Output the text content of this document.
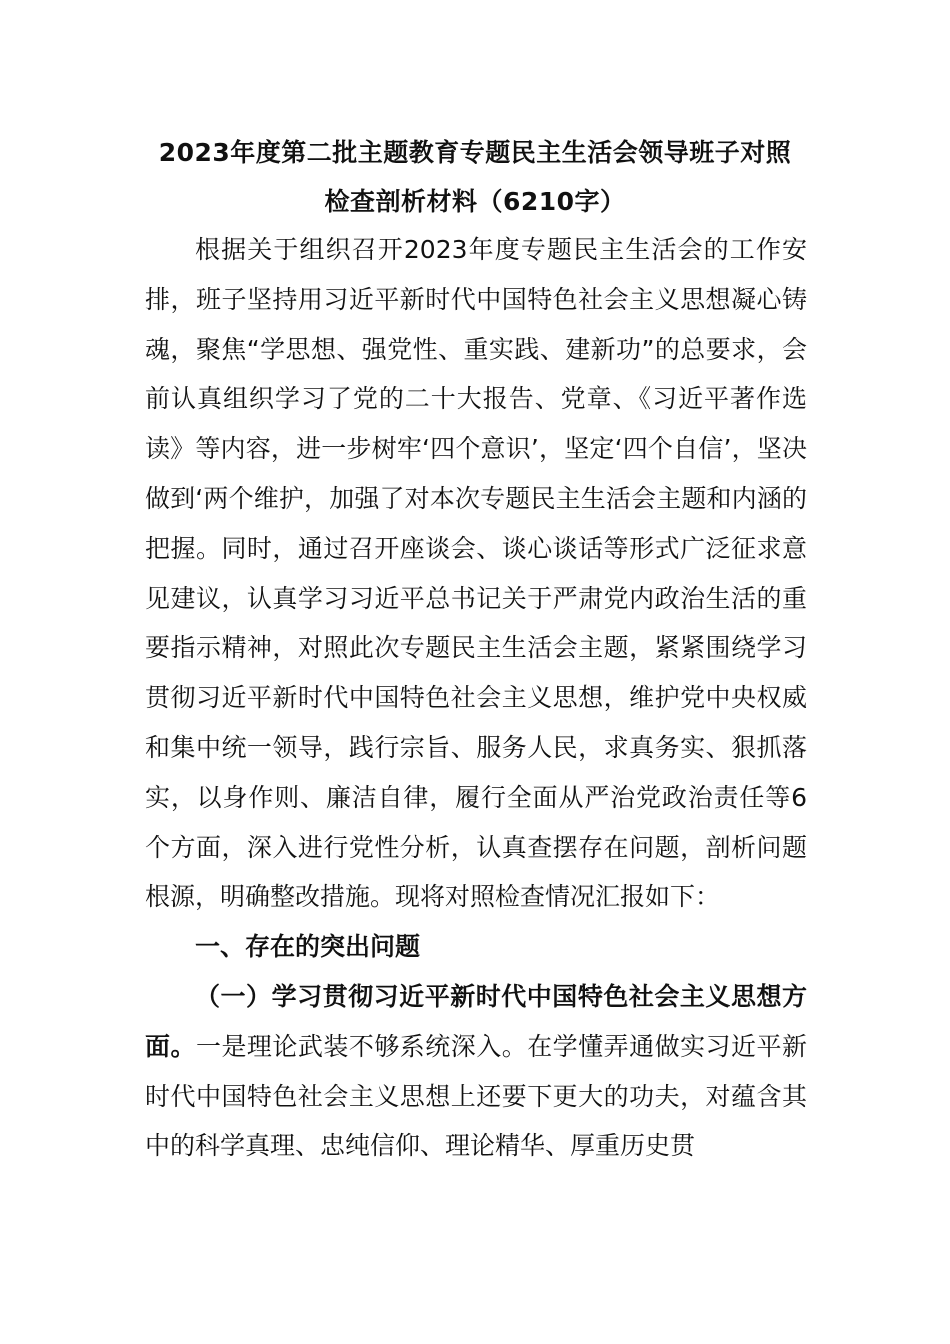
2023年度第二批主题教育专题民主生活会领导班子对照
检查剖析材料（6210字）

根据关于组织召开2023年度专题民主生活会的工作安排，班子坚持用习近平新时代中国特色社会主义思想凝心铸魂，聚焦“学思想、强党性、重实践、建新功”的总要求，会前认真组织学习了党的二十大报告、党章、《习近平著作选读》等内容，进一步树牢‘四个意识’，坚定‘四个自信’，坚决做到‘两个维护，加强了对本次专题民主生活会主题和内涵的把握。同时，通过召开座谈会、谈心谈话等形式广泛征求意见建议，认真学习习近平总书记关于严肃党内政治生活的重要指示精神，对照此次专题民主生活会主题，紧紧围绕学习贯彻习近平新时代中国特色社会主义思想，维护党中央权威和集中统一领导，践行宗旨、服务人民，求真务实、狠抓落实，以身作则、廉洁自律，履行全面从严治党政治责任等6个方面，深入进行党性分析，认真查摆存在问题，剖析问题根源，明确整改措施。现将对照检查情况汇报如下：

一、存在的突出问题

（一）学习贯彻习近平新时代中国特色社会主义思想方面。一是理论武装不够系统深入。在学懂弄通做实习近平新时代中国特色社会主义思想上还要下更大的功夫，对蕴含其中的科学真理、忠纯信仰、理论精华、厚重历史贯
